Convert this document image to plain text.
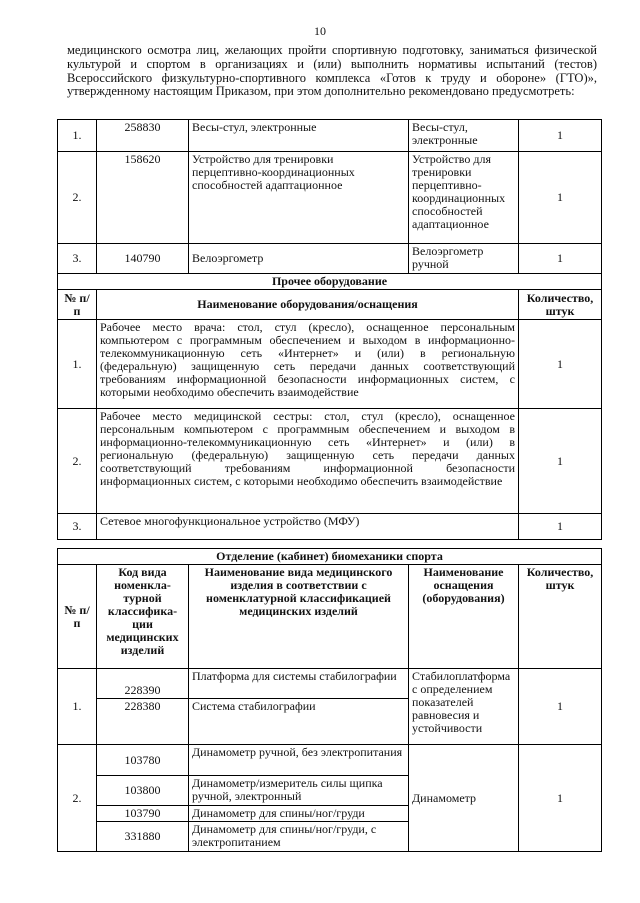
10
медицинского осмотра лиц, желающих пройти спортивную подготовку, заниматься физической культурой и спортом в организациях и (или) выполнить нормативы испытаний (тестов) Всероссийского физкультурно-спортивного комплекса «Готов к труду и обороне» (ГТО)», утвержденному настоящим Приказом, при этом дополнительно рекомендовано предусмотреть:
1.	258830	Весы-стул, электронные	Весы-стул, электронные	1
2.	158620	Устройство для тренировки перцептивно-координационных способностей адаптационное	Устройство для тренировки перцептивно-координационных способностей адаптационное	1
3.	140790	Велоэргометр	Велоэргометр ручной	1
Прочее оборудование		
№ п/п	Наименование оборудования/оснащения	Количество, штук
1.	Рабочее место врача: стол, стул (кресло), оснащенное персональным компьютером с программным обеспечением и выходом в информационно-телекоммуникационную сеть «Интернет» и (или) в региональную (федеральную) защищенную сеть передачи данных соответствующий требованиям информационной безопасности информационных систем, с которыми необходимо обеспечить взаимодействие	1
2.	Рабочее место медицинской сестры: стол, стул (кресло), оснащенное персональным компьютером с программным обеспечением и выходом в информационно-телекоммуникационную сеть «Интернет» и (или) в региональную (федеральную) защищенную сеть передачи данных соответствующий требованиям информационной безопасности информационных систем, с которыми необходимо обеспечить взаимодействие	1
3.	Сетевое многофункциональное устройство (МФУ)	1
Отделение (кабинет) биомеханики спорта				
№ п/п	Код вида номенкла-турной классифика-ции медицинских изделий	Наименование вида медицинского изделия в соответствии с номенклатурной классификацией медицинских изделий	Наименование оснащения (оборудования)	Количество, штук
1.	228390	Платформа для системы стабилографии	Стабилоплатформа с определением показателей равновесия и устойчивости	1
	228380	Система стабилографии		
2.	103780	Динамометр ручной, без электропитания	Динамометр	1
	103800	Динамометр/измеритель силы щипка ручной, электронный		
	103790	Динамометр для спины/ног/груди		
	331880	Динамометр для спины/ног/груди, с электропитанием		
